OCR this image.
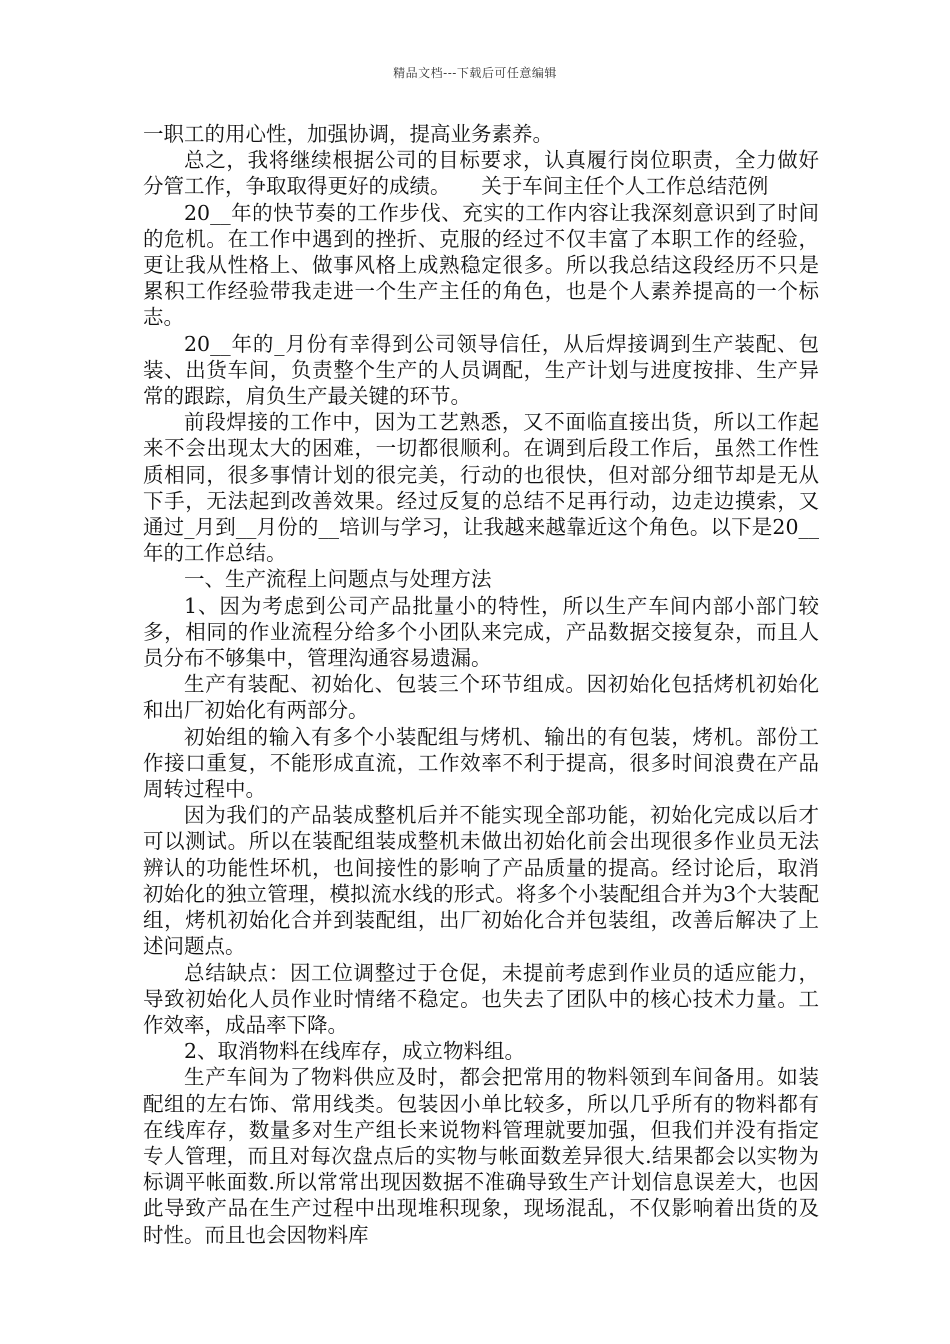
精品文档---下载后可任意编辑

一职工的用心性，加强协调，提高业务素养。

总之，我将继续根据公司的目标要求，认真履行岗位职责，全力做好分管工作，争取取得更好的成绩。　　关于车间主任个人工作总结范例

20__年的快节奏的工作步伐、充实的工作内容让我深刻意识到了时间的危机。在工作中遇到的挫折、克服的经过不仅丰富了本职工作的经验，更让我从性格上、做事风格上成熟稳定很多。所以我总结这段经历不只是累积工作经验带我走进一个生产主任的角色，也是个人素养提高的一个标志。

20__年的_月份有幸得到公司领导信任，从后焊接调到生产装配、包装、出货车间，负责整个生产的人员调配，生产计划与进度按排、生产异常的跟踪，肩负生产最关键的环节。

前段焊接的工作中，因为工艺熟悉，又不面临直接出货，所以工作起来不会出现太大的困难，一切都很顺利。在调到后段工作后，虽然工作性质相同，很多事情计划的很完美，行动的也很快，但对部分细节却是无从下手，无法起到改善效果。经过反复的总结不足再行动，边走边摸索，又通过_月到__月份的__培训与学习，让我越来越靠近这个角色。以下是20__年的工作总结。

一、生产流程上问题点与处理方法

1、因为考虑到公司产品批量小的特性，所以生产车间内部小部门较多，相同的作业流程分给多个小团队来完成，产品数据交接复杂，而且人员分布不够集中，管理沟通容易遗漏。

生产有装配、初始化、包装三个环节组成。因初始化包括烤机初始化和出厂初始化有两部分。

初始组的输入有多个小装配组与烤机、输出的有包装，烤机。部份工作接口重复，不能形成直流，工作效率不利于提高，很多时间浪费在产品周转过程中。

因为我们的产品装成整机后并不能实现全部功能，初始化完成以后才可以测试。所以在装配组装成整机未做出初始化前会出现很多作业员无法辨认的功能性坏机，也间接性的影响了产品质量的提高。经讨论后，取消初始化的独立管理，模拟流水线的形式。将多个小装配组合并为3个大装配组，烤机初始化合并到装配组，出厂初始化合并包装组，改善后解决了上述问题点。

总结缺点：因工位调整过于仓促，未提前考虑到作业员的适应能力，导致初始化人员作业时情绪不稳定。也失去了团队中的核心技术力量。工作效率，成品率下降。

2、取消物料在线库存，成立物料组。

生产车间为了物料供应及时，都会把常用的物料领到车间备用。如装配组的左右饰、常用线类。包装因小单比较多，所以几乎所有的物料都有在线库存，数量多对生产组长来说物料管理就要加强，但我们并没有指定专人管理，而且对每次盘点后的实物与帐面数差异很大.结果都会以实物为标调平帐面数.所以常常出现因数据不准确导致生产计划信息误差大，也因此导致产品在生产过程中出现堆积现象，现场混乱，不仅影响着出货的及时性。而且也会因物料库
